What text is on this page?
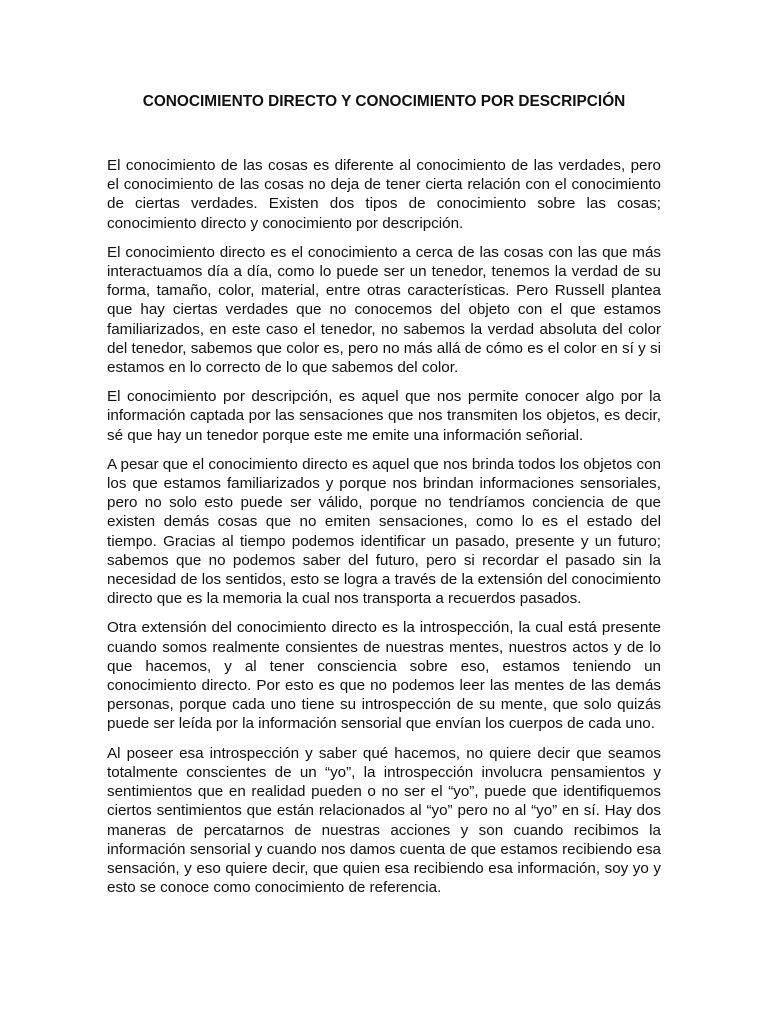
CONOCIMIENTO DIRECTO Y CONOCIMIENTO POR DESCRIPCIÓN

El conocimiento de las cosas es diferente al conocimiento de las verdades, pero el conocimiento de las cosas no deja de tener cierta relación con el conocimiento de ciertas verdades. Existen dos tipos de conocimiento sobre las cosas; conocimiento directo y conocimiento por descripción.

El conocimiento directo es el conocimiento a cerca de las cosas con las que más interactuamos día a día, como lo puede ser un tenedor, tenemos la verdad de su forma, tamaño, color, material, entre otras características. Pero Russell plantea que hay ciertas verdades que no conocemos del objeto con el que estamos familiarizados, en este caso el tenedor, no sabemos la verdad absoluta del color del tenedor, sabemos que color es, pero no más allá de cómo es el color en sí y si estamos en lo correcto de lo que sabemos del color.

El conocimiento por descripción, es aquel que nos permite conocer algo por la información captada por las sensaciones que nos transmiten los objetos, es decir, sé que hay un tenedor porque este me emite una información señorial.

A pesar que el conocimiento directo es aquel que nos brinda todos los objetos con los que estamos familiarizados y porque nos brindan informaciones sensoriales, pero no solo esto puede ser válido, porque no tendríamos conciencia de que existen demás cosas que no emiten sensaciones, como lo es el estado del tiempo. Gracias al tiempo podemos identificar un pasado, presente y un futuro; sabemos que no podemos saber del futuro, pero si recordar el pasado sin la necesidad de los sentidos, esto se logra a través de la extensión del conocimiento directo que es la memoria la cual nos transporta a recuerdos pasados.

Otra extensión del conocimiento directo es la introspección, la cual está presente cuando somos realmente consientes de nuestras mentes, nuestros actos y de lo que hacemos, y al tener consciencia sobre eso, estamos teniendo un conocimiento directo. Por esto es que no podemos leer las mentes de las demás personas, porque cada uno tiene su introspección de su mente, que solo quizás puede ser leída por la información sensorial que envían los cuerpos de cada uno.

Al poseer esa introspección y saber qué hacemos, no quiere decir que seamos totalmente conscientes de un “yo”, la introspección involucra pensamientos y sentimientos que en realidad pueden o no ser el “yo”, puede que identifiquemos ciertos sentimientos que están relacionados al “yo” pero no al “yo” en sí. Hay dos maneras de percatarnos de nuestras acciones y son cuando recibimos la información sensorial y cuando nos damos cuenta de que estamos recibiendo esa sensación, y eso quiere decir, que quien esa recibiendo esa información, soy yo y esto se conoce como conocimiento de referencia.
